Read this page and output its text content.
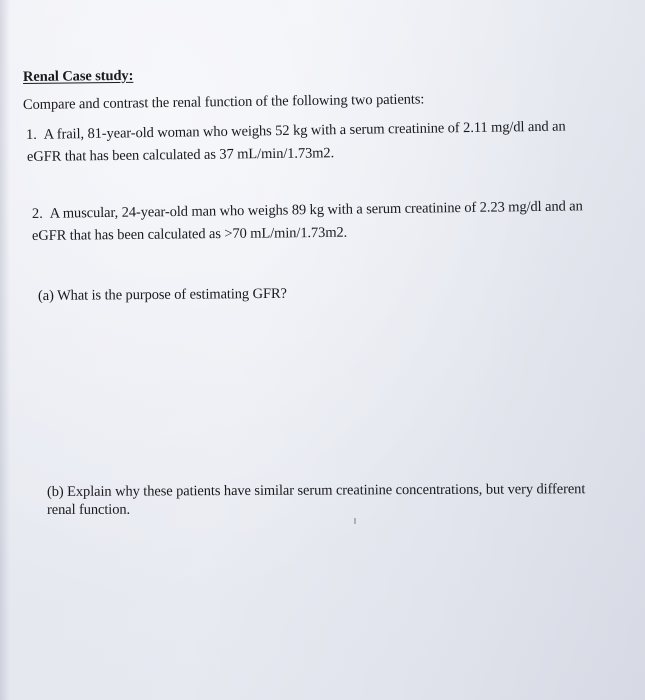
Renal Case study:
Compare and contrast the renal function of the following two patients:
1. A frail, 81-year-old woman who weighs 52 kg with a serum creatinine of 2.11 mg/dl and an
eGFR that has been calculated as 37 mL/min/1.73m2.
2. A muscular, 24-year-old man who weighs 89 kg with a serum creatinine of 2.23 mg/dl and an
eGFR that has been calculated as >70 mL/min/1.73m2.
(a) What is the purpose of estimating GFR?
(b) Explain why these patients have similar serum creatinine concentrations, but very different
renal function.
